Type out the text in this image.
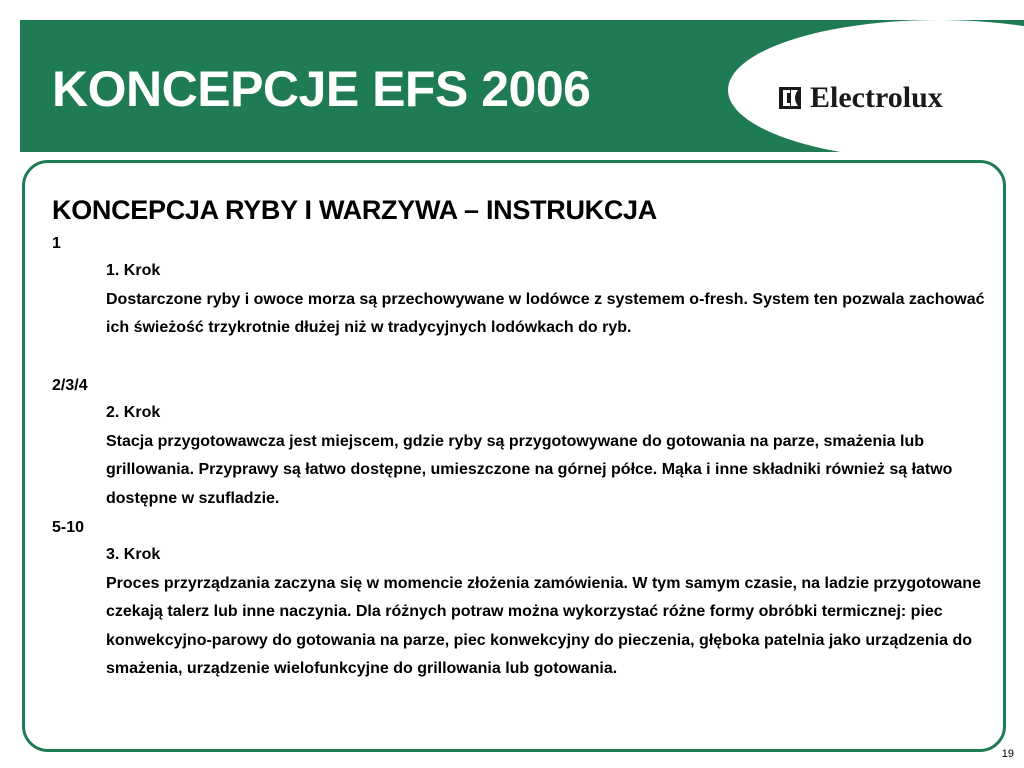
KONCEPCJE EFS 2006	Electrolux
KONCEPCJA RYBY I WARZYWA – INSTRUKCJA
1
1. Krok
Dostarczone ryby i owoce morza są przechowywane w lodówce z systemem o-fresh. System ten pozwala zachować ich świeżość trzykrotnie dłużej niż w tradycyjnych lodówkach do ryb.
2/3/4
2. Krok
Stacja przygotowawcza jest miejscem, gdzie ryby są przygotowywane do gotowania na parze, smażenia lub grillowania. Przyprawy są łatwo dostępne, umieszczone na górnej półce. Mąka i inne składniki również są łatwo dostępne w szufladzie.
5-10
3. Krok
Proces przyrządzania zaczyna się w momencie złożenia zamówienia. W tym samym czasie, na ladzie przygotowane czekają talerz lub inne naczynia. Dla różnych potraw można wykorzystać różne formy obróbki termicznej: piec konwekcyjno-parowy do gotowania na parze, piec konwekcyjny do pieczenia, głęboka patelnia jako urządzenia do smażenia, urządzenie wielofunkcyjne do grillowania lub gotowania.
19
